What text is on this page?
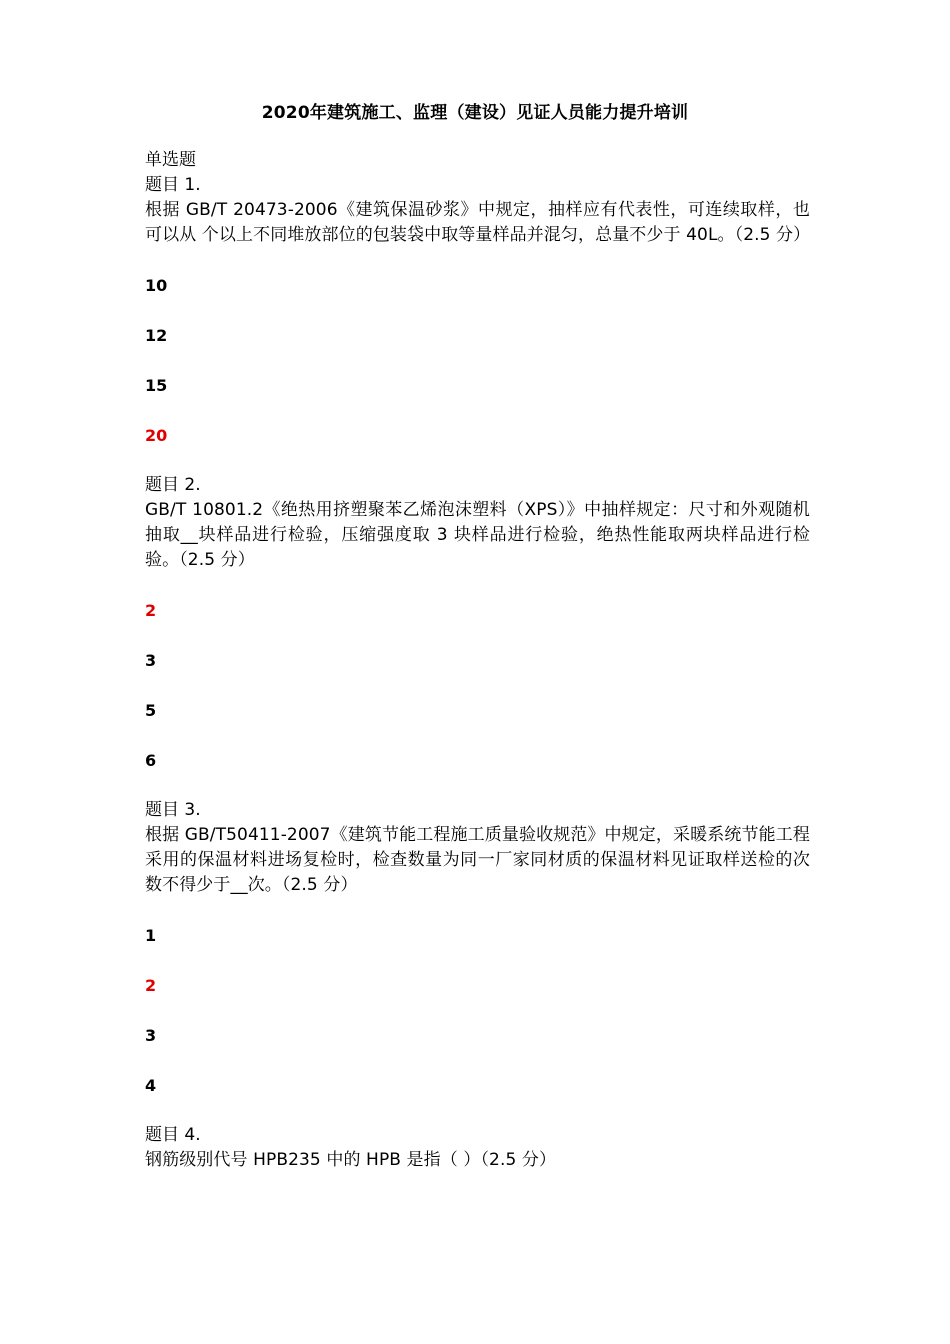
2020年建筑施工、监理（建设）见证人员能力提升培训
单选题
题目 1.
根据 GB/T 20473-2006《建筑保温砂浆》中规定，抽样应有代表性，可连续取样，也可以从 个以上不同堆放部位的包装袋中取等量样品并混匀，总量不少于 40L。（2.5 分）
10
12
15
20
题目 2.
GB/T 10801.2《绝热用挤塑聚苯乙烯泡沫塑料（XPS）》中抽样规定：尺寸和外观随机抽取__块样品进行检验，压缩强度取 3 块样品进行检验，绝热性能取两块样品进行检验。（2.5 分）
2
3
5
6
题目 3.
根据 GB/T50411-2007《建筑节能工程施工质量验收规范》中规定，采暖系统节能工程采用的保温材料进场复检时，检查数量为同一厂家同材质的保温材料见证取样送检的次数不得少于__次。（2.5 分）
1
2
3
4
题目 4.
钢筋级别代号 HPB235 中的 HPB 是指（ ）（2.5 分）
